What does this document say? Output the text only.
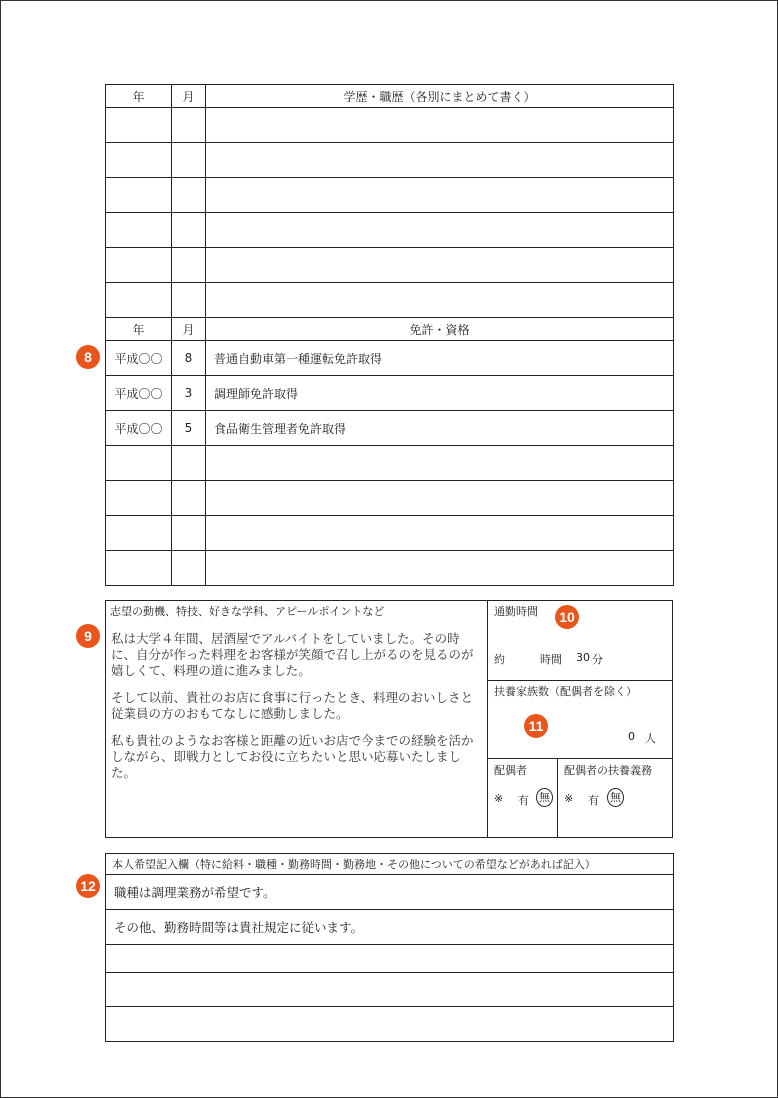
年	月	学歴・職歴（各別にまとめて書く）

年	月	免許・資格
平成〇〇	8	普通自動車第一種運転免許取得
平成〇〇	3	調理師免許取得
平成〇〇	5	食品衛生管理者免許取得

8
志望の動機、特技、好きな学科、アピールポイントなど

私は大学４年間、居酒屋でアルバイトをしていました。その時に、自分が作った料理をお客様が笑顔で召し上がるのを見るのが嬉しくて、料理の道に進みました。

そして以前、貴社のお店に食事に行ったとき、料理のおいしさと従業員の方のおもてなしに感動しました。

私も貴社のようなお客様と距離の近いお店で今までの経験を活かしながら、即戦力としてお役に立ちたいと思い応募いたしました。

通勤時間
約	時間 30 分
扶養家族数（配偶者を除く）
0 人
配偶者
※ 有 無
配偶者の扶養義務
※ 有 無
9
10
11
本人希望記入欄（特に給料・職種・勤務時間・勤務地・その他についての希望などがあれば記入）
職種は調理業務が希望です。
その他、勤務時間等は貴社規定に従います。

12
